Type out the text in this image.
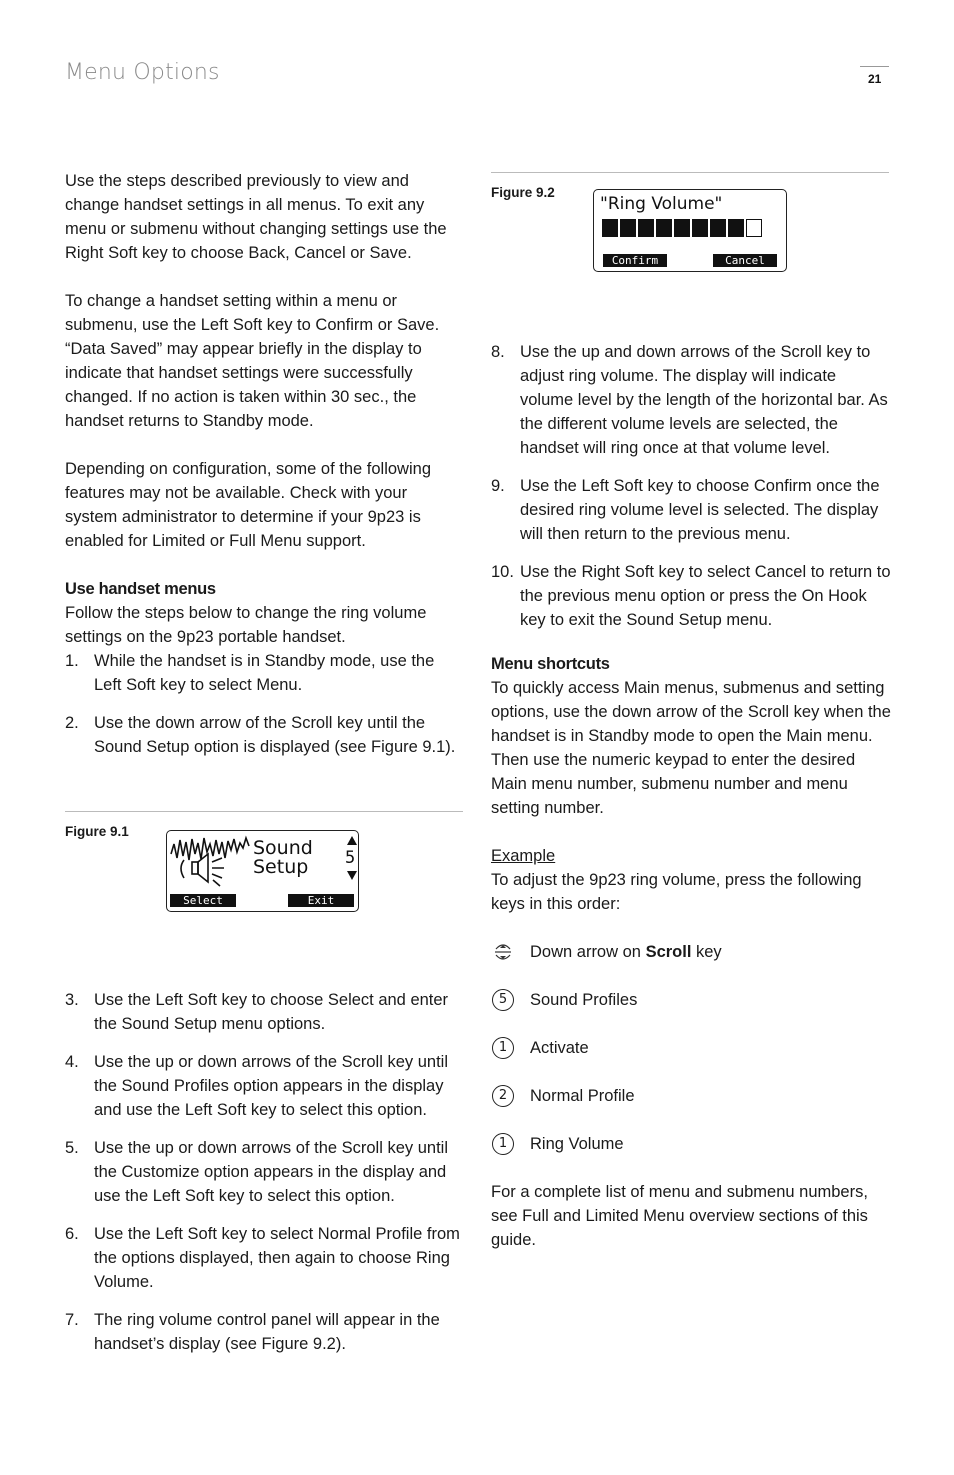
Menu Options	21

Use the steps described previously to view and change handset settings in all menus. To exit any menu or submenu without changing settings use the Right Soft key to choose Back, Cancel or Save.

To change a handset setting within a menu or submenu, use the Left Soft key to Confirm or Save. “Data Saved” may appear briefly in the display to indicate that handset settings were successfully changed. If no action is taken within 30 sec., the handset returns to Standby mode.

Depending on configuration, some of the following features may not be available. Check with your system administrator to determine if your 9p23 is enabled for Limited or Full Menu support.

Use handset menus

Follow the steps below to change the ring volume settings on the 9p23 portable handset.

1. While the handset is in Standby mode, use the Left Soft key to select Menu.
2. Use the down arrow of the Scroll key until the Sound Setup option is displayed (see Figure 9.1).
Figure 9.1
Sound
Setup 5
Select	Exit
3. Use the Left Soft key to choose Select and enter the Sound Setup menu options.
4. Use the up or down arrows of the Scroll key until the Sound Profiles option appears in the display and use the Left Soft key to select this option.
5. Use the up or down arrows of the Scroll key until the Customize option appears in the display and use the Left Soft key to select this option.
6. Use the Left Soft key to select Normal Profile from the options displayed, then again to choose Ring Volume.
7. The ring volume control panel will appear in the handset’s display (see Figure 9.2).
Figure 9.2
"Ring Volume"
Confirm	Cancel
8. Use the up and down arrows of the Scroll key to adjust ring volume. The display will indicate volume level by the length of the horizontal bar. As the different volume levels are selected, the handset will ring once at that volume level.
9. Use the Left Soft key to choose Confirm once the desired ring volume level is selected. The display will then return to the previous menu.
10. Use the Right Soft key to select Cancel to return to the previous menu option or press the On Hook key to exit the Sound Setup menu.

Menu shortcuts

To quickly access Main menus, submenus and setting options, use the down arrow of the Scroll key when the handset is in Standby mode to open the Main menu. Then use the numeric keypad to enter the desired Main menu number, submenu number and menu setting number.

Example

To adjust the 9p23 ring volume, press the following keys in this order:

Down arrow on Scroll key
5	Sound Profiles
1	Activate
2	Normal Profile
1	Ring Volume

For a complete list of menu and submenu numbers, see Full and Limited Menu overview sections of this guide.
